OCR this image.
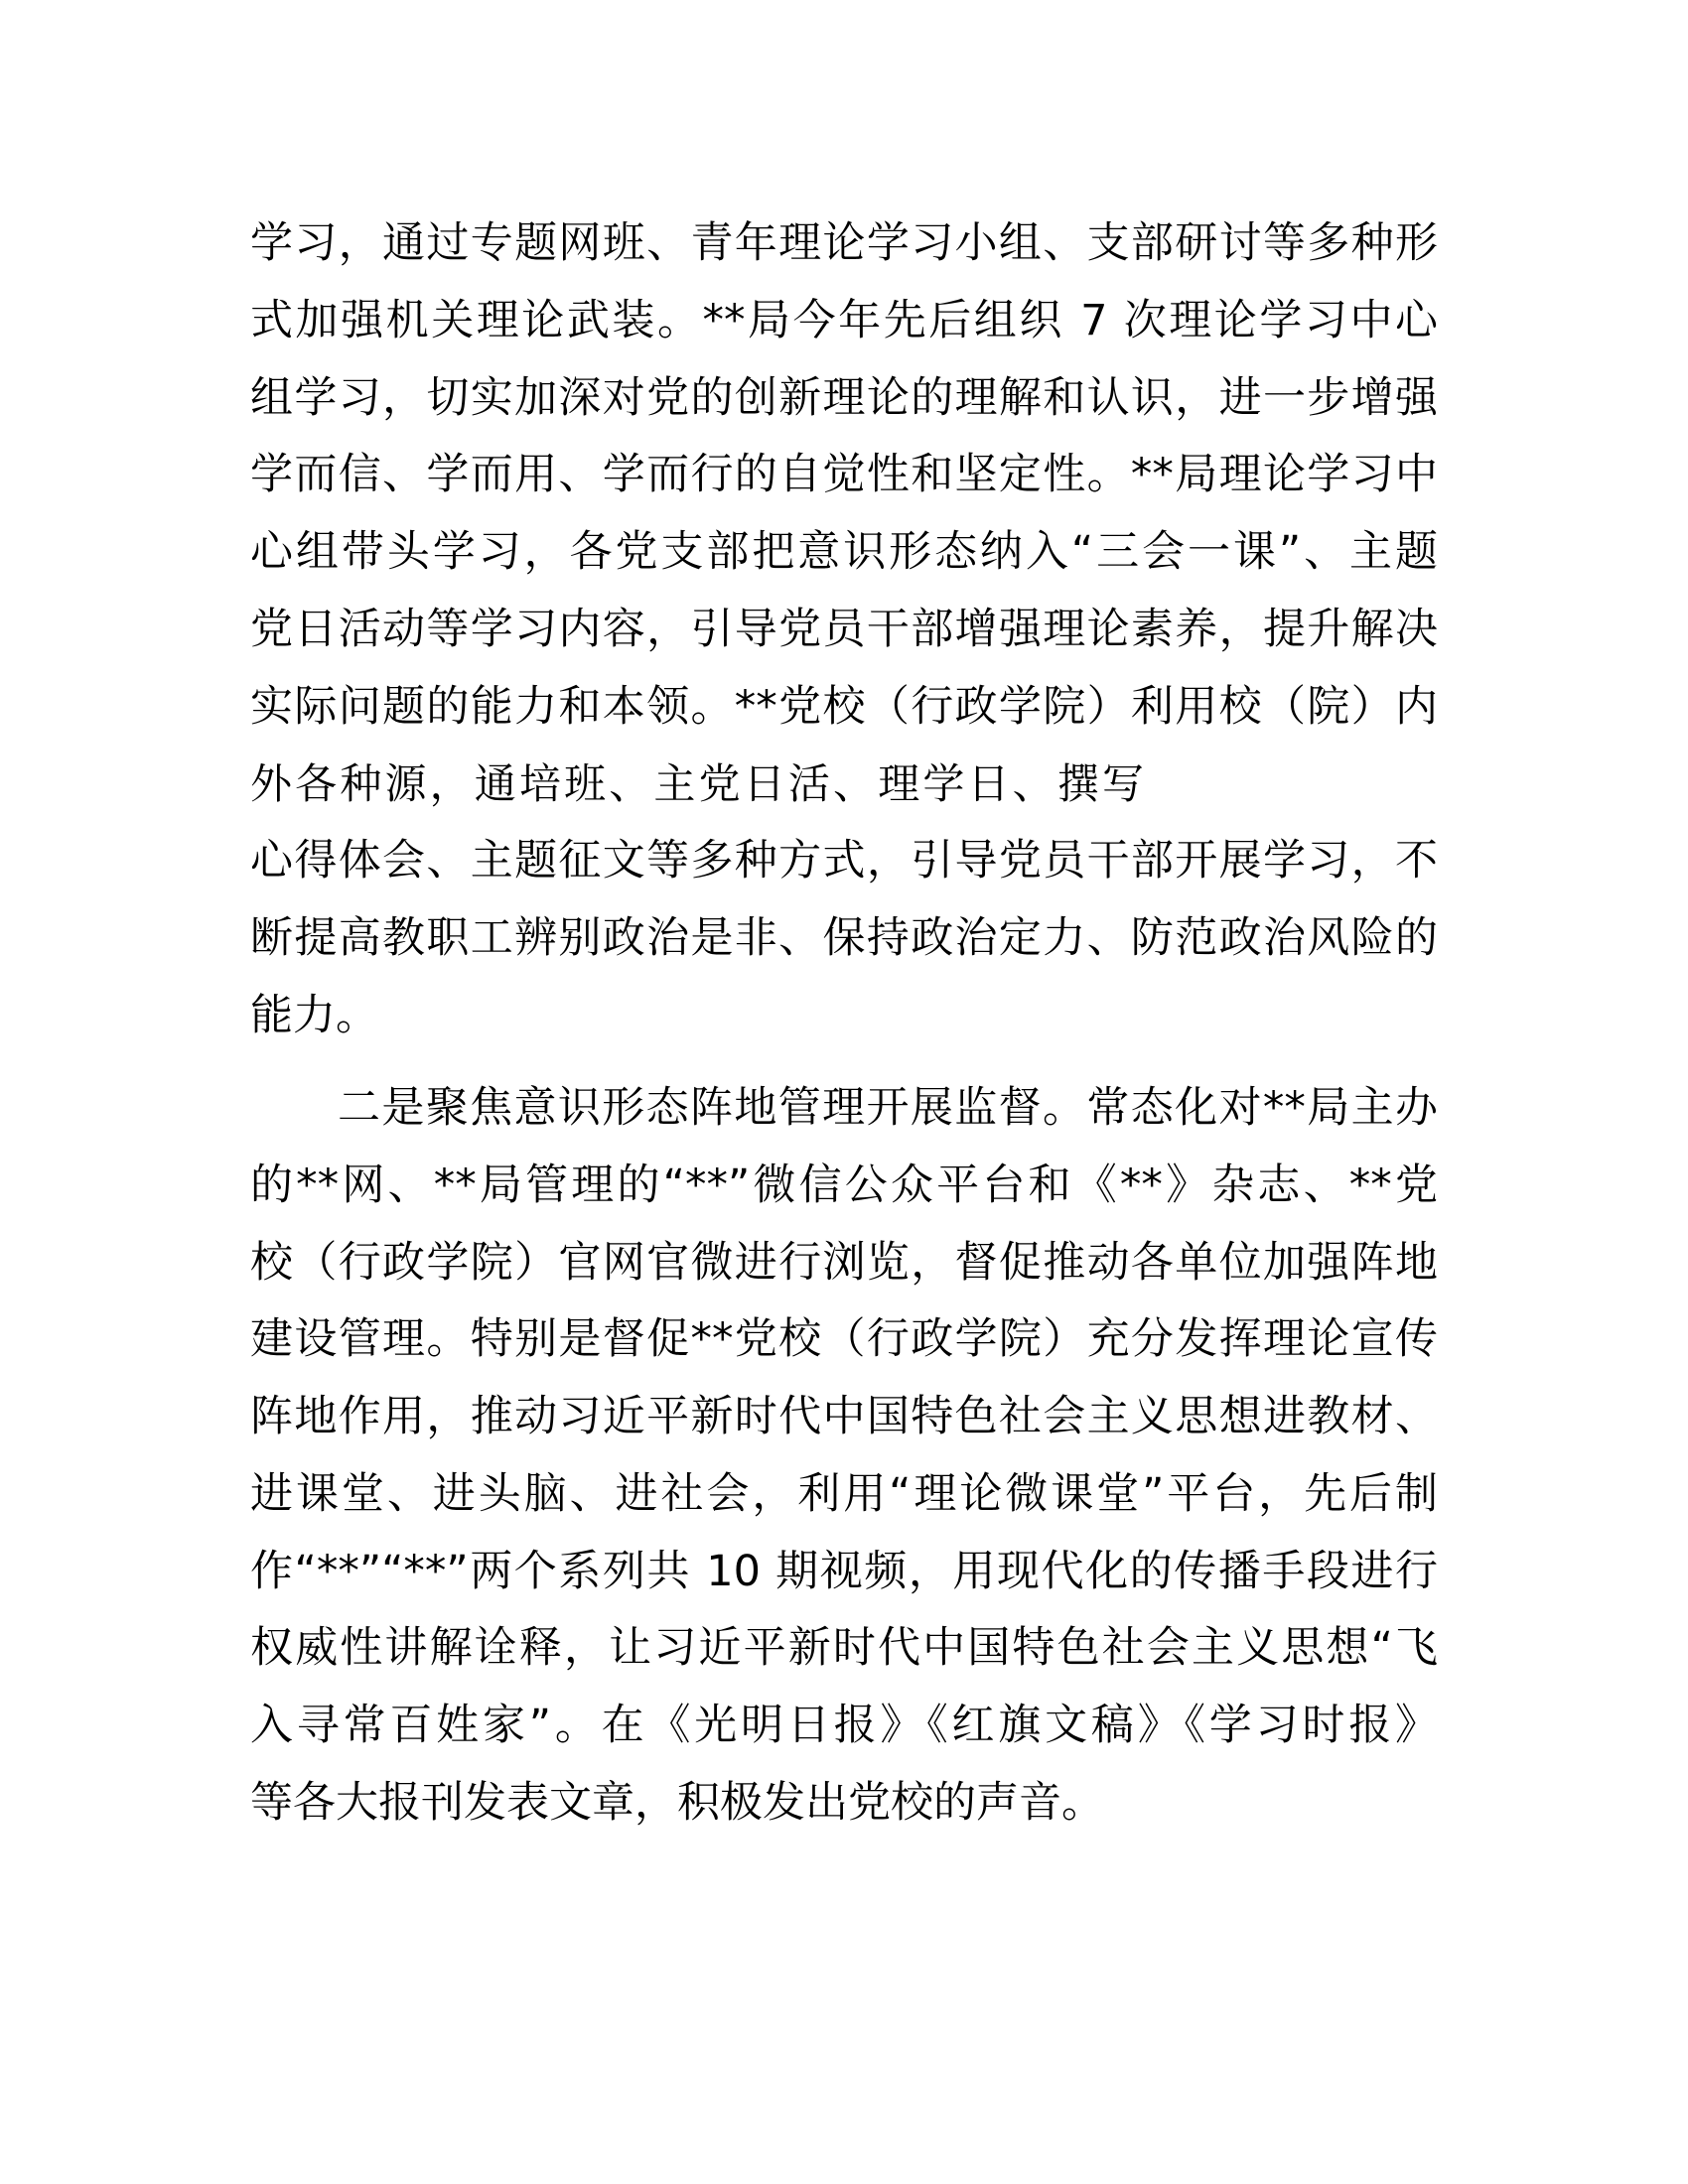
学习，通过专题网班、青年理论学习小组、支部研讨等多种形
式加强机关理论武装。**局今年先后组织 7 次理论学习中心
组学习，切实加深对党的创新理论的理解和认识，进一步增强
学而信、学而用、学而行的自觉性和坚定性。**局理论学习中
心组带头学习，各党支部把意识形态纳入“三会一课”、主题
党日活动等学习内容，引导党员干部增强理论素养，提升解决
实际问题的能力和本领。**党校（行政学院）利用校（院）内
外各种源，通培班、主党日活、理学日、撰写
心得体会、主题征文等多种方式，引导党员干部开展学习，不
断提高教职工辨别政治是非、保持政治定力、防范政治风险的
能力。
二是聚焦意识形态阵地管理开展监督。常态化对**局主办
的**网、**局管理的“**”微信公众平台和《**》杂志、**党
校（行政学院）官网官微进行浏览，督促推动各单位加强阵地
建设管理。特别是督促**党校（行政学院）充分发挥理论宣传
阵地作用，推动习近平新时代中国特色社会主义思想进教材、
进课堂、进头脑、进社会，利用“理论微课堂”平台，先后制
作“**”“**”两个系列共 10 期视频，用现代化的传播手段进行
权威性讲解诠释，让习近平新时代中国特色社会主义思想“飞
入寻常百姓家”。在《光明日报》《红旗文稿》《学习时报》
等各大报刊发表文章，积极发出党校的声音。
